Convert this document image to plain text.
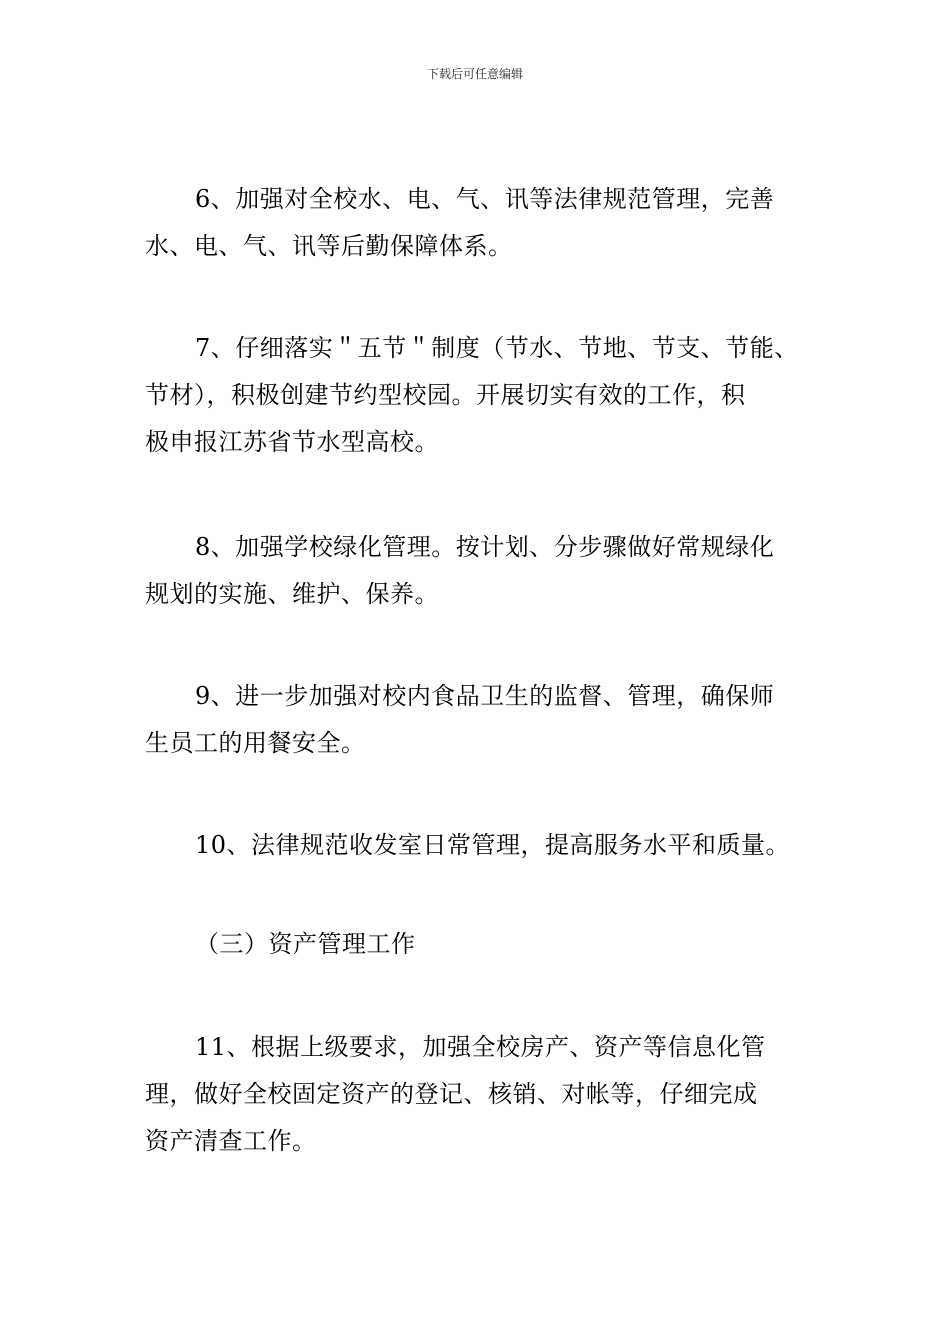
下载后可任意编辑
6、加强对全校水、电、气、讯等法律规范管理，完善
水、电、气、讯等后勤保障体系。
7、仔细落实＂五节＂制度（节水、节地、节支、节能、
节材），积极创建节约型校园。开展切实有效的工作，积
极申报江苏省节水型高校。
8、加强学校绿化管理。按计划、分步骤做好常规绿化
规划的实施、维护、保养。
9、进一步加强对校内食品卫生的监督、管理，确保师
生员工的用餐安全。
10、法律规范收发室日常管理，提高服务水平和质量。
（三）资产管理工作
11、根据上级要求，加强全校房产、资产等信息化管
理，做好全校固定资产的登记、核销、对帐等，仔细完成
资产清查工作。
